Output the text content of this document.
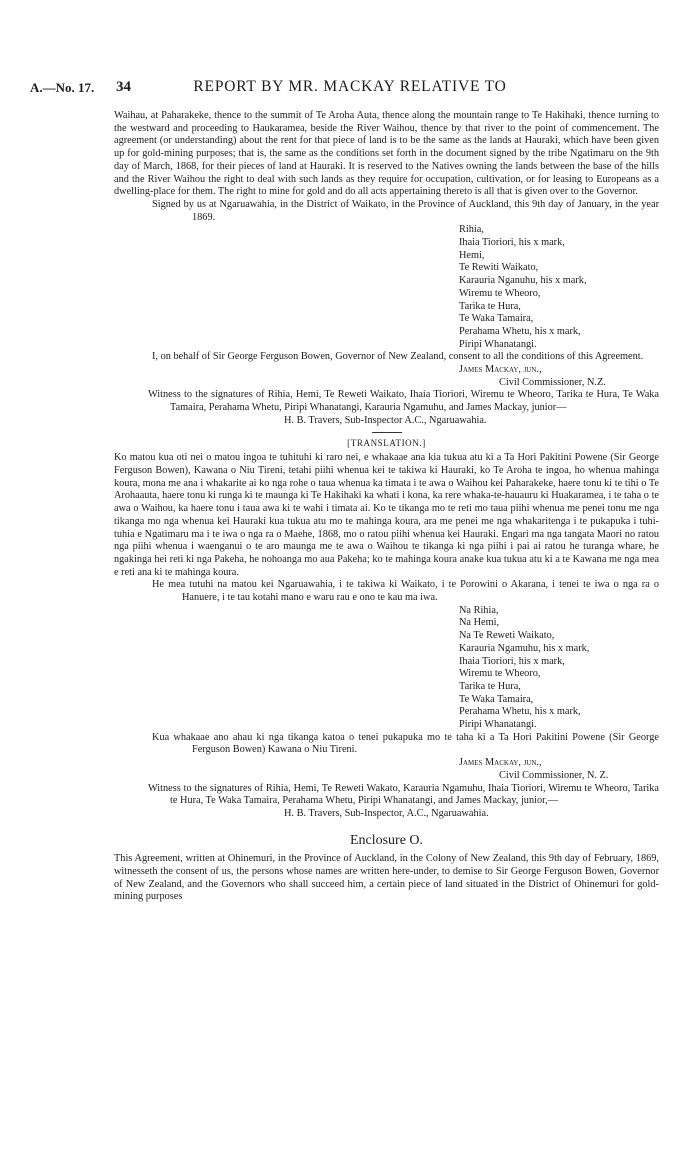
A.—No. 17. 34	REPORT BY MR. MACKAY RELATIVE TO

Waihau, at Paharakeke, thence to the summit of Te Aroha Auta, thence along the mountain range to Te Hakihaki, thence turning to the westward and proceeding to Haukaramea, beside the River Waihou, thence by that river to the point of commencement. The agreement (or understanding) about the rent for that piece of land is to be the same as the lands at Hauraki, which have been given up for gold-mining purposes; that is, the same as the conditions set forth in the document signed by the tribe Ngatimaru on the 9th day of March, 1868, for their pieces of land at Hauraki. It is reserved to the Natives owning the lands between the base of the hills and the River Waihou the right to deal with such lands as they require for occupation, cultivation, or for leasing to Europeans as a dwelling-place for them. The right to mine for gold and do all acts appertaining thereto is all that is given over to the Governor.

Signed by us at Ngaruawahia, in the District of Waikato, in the Province of Auckland, this 9th day of January, in the year 1869.

Rihia,
Ihaia Tioriori, his x mark,
Hemi,
Te Rewiti Waikato,
Karauria Nganuhu, his x mark,
Wiremu te Wheoro,
Tarika te Hura,
Te Waka Tamaira,
Perahama Whetu, his x mark,
Piripi Whanatangi.

I, on behalf of Sir George Ferguson Bowen, Governor of New Zealand, consent to all the conditions of this Agreement.

James Mackay, jun.,
Civil Commissioner, N.Z.

Witness to the signatures of Rihia, Hemi, Te Reweti Waikato, Ihaia Tioriori, Wiremu te Wheoro, Tarika te Hura, Te Waka Tamaira, Perahama Whetu, Piripi Whanatangi, Karauria Ngamuhu, and James Mackay, junior—

H. B. Travers, Sub-Inspector A.C., Ngaruawahia.
[TRANSLATION.]

Ko matou kua oti nei o matou ingoa te tuhituhi ki raro nei, e whakaae ana kia tukua atu ki a Ta Hori Pakitini Powene (Sir George Ferguson Bowen), Kawana o Niu Tireni, tetahi piihi whenua kei te takiwa ki Hauraki, ko Te Aroha te ingoa, ho whenua mahinga koura, mona me ana i whakarite ai ko nga rohe o taua whenua ka timata i te awa o Waihou kei Paharakeke, haere tonu ki te tihi o Te Arohaauta, haere tonu ki runga ki te maunga ki Te Hakihaki ka whati i kona, ka rere whaka-te-hauauru ki Huakaramea, i te taha o te awa o Waihou, ka haere tonu i taua awa ki te wahi i timata ai. Ko te tikanga mo te reti mo taua piihi whenua me penei tonu me nga tikanga mo nga whenua kei Hauraki kua tukua atu mo te mahinga koura, ara me penei me nga whakaritenga i te pukapuka i tuhi-tuhia e Ngatimaru ma i te iwa o nga ra o Maehe, 1868, mo o ratou piihi whenua kei Hauraki. Engari ma nga tangata Maori no ratou nga piihi whenua i waenganui o te aro maunga me te awa o Waihou te tikanga ki nga piihi i pai ai ratou he turanga whare, he ngakinga hei reti ki nga Pakeha, he nohoanga mo aua Pakeha; ko te mahinga koura anake kua tukua atu ki a te Kawana me nga mea e reti ana ki te mahinga koura.

He mea tutuhi na matou kei Ngaruawahia, i te takiwa ki Waikato, i te Porowini o Akarana, i tenei te iwa o nga ra o Hanuere, i te tau kotahi mano e waru rau e ono te kau ma iwa.

Na Rihia,
Na Hemi,
Na Te Reweti Waikato,
Karauria Ngamuhu, his x mark,
Ihaia Tioriori, his x mark,
Wiremu te Wheoro,
Tarika te Hura,
Te Waka Tamaira,
Perahama Whetu, his x mark,
Piripi Whanatangi.

Kua whakaae ano ahau ki nga tikanga katoa o tenei pukapuka mo te taha ki a Ta Hori Pakitini Powene (Sir George Ferguson Bowen) Kawana o Niu Tireni.

James Mackay, jun.,
Civil Commissioner, N. Z.

Witness to the signatures of Rihia, Hemi, Te Reweti Wakato, Karauria Ngamuhu, Ihaia Tioriori, Wiremu te Wheoro, Tarika te Hura, Te Waka Tamaira, Perahama Whetu, Piripi Whanatangi, and James Mackay, junior,—

H. B. Travers, Sub-Inspector, A.C., Ngaruawahia.
Enclosure O.

This Agreement, written at Ohinemuri, in the Province of Auckland, in the Colony of New Zealand, this 9th day of February, 1869, witnesseth the consent of us, the persons whose names are written here-under, to demise to Sir George Ferguson Bowen, Governor of New Zealand, and the Governors who shall succeed him, a certain piece of land situated in the District of Ohinemuri for gold-mining purposes
